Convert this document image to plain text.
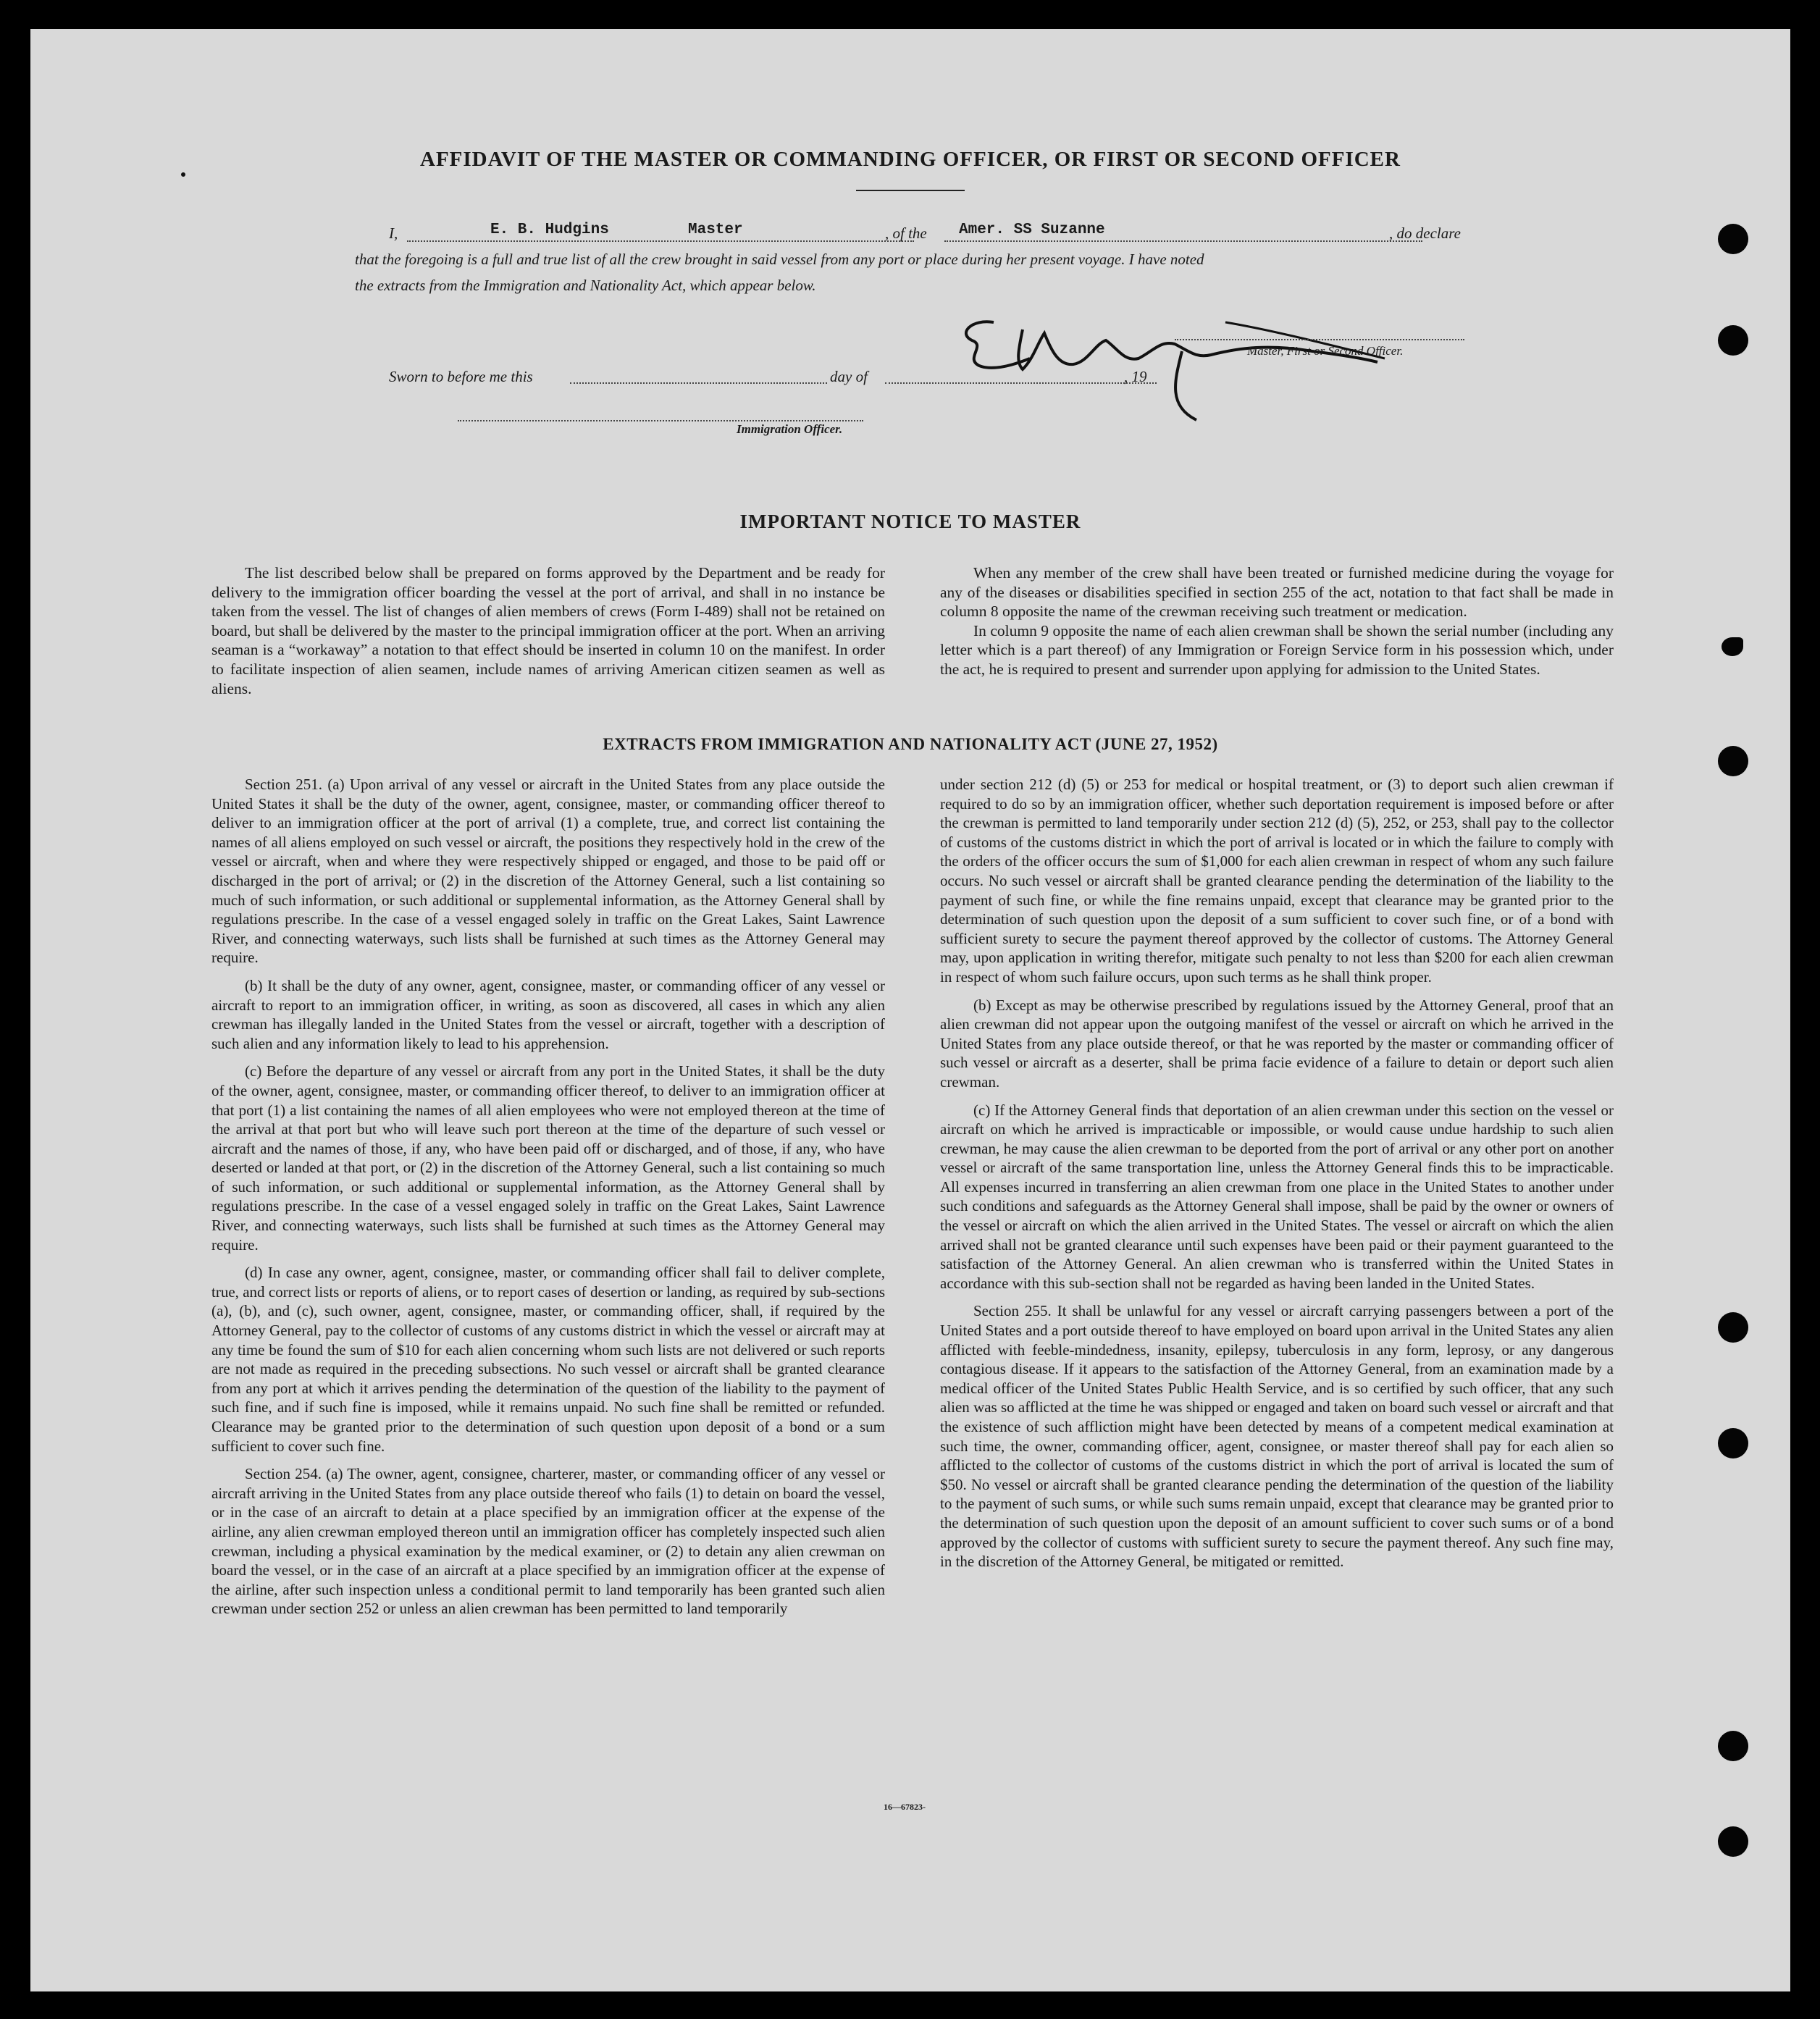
AFFIDAVIT OF THE MASTER OR COMMANDING OFFICER, OR FIRST OR SECOND OFFICER
I,	E. B. Hudgins	Master	, of the Amer. SS Suzanne	, do declare
that the foregoing is a full and true list of all the crew brought in said vessel from any port or place during her present voyage. I have noted
the extracts from the Immigration and Nationality Act, which appear below.
Master, First or Second Officer.
Sworn to before me this	day of	, 19
Immigration Officer.
IMPORTANT NOTICE TO MASTER

The list described below shall be prepared on forms approved by the Department and be ready for delivery to the immigration officer boarding the vessel at the port of arrival, and shall in no instance be taken from the vessel. The list of changes of alien members of crews (Form I-489) shall not be retained on board, but shall be delivered by the master to the principal immigration officer at the port. When an arriving seaman is a “workaway” a notation to that effect should be inserted in column 10 on the manifest. In order to facilitate inspection of alien seamen, include names of arriving American citizen seamen as well as aliens.

When any member of the crew shall have been treated or furnished medicine during the voyage for any of the diseases or disabilities specified in section 255 of the act, notation to that fact shall be made in column 8 opposite the name of the crewman receiving such treatment or medication.

In column 9 opposite the name of each alien crewman shall be shown the serial number (including any letter which is a part thereof) of any Immigration or Foreign Service form in his possession which, under the act, he is required to present and surrender upon applying for admission to the United States.

EXTRACTS FROM IMMIGRATION AND NATIONALITY ACT (JUNE 27, 1952)

Section 251. (a) Upon arrival of any vessel or aircraft in the United States from any place outside the United States it shall be the duty of the owner, agent, consignee, master, or commanding officer thereof to deliver to an immigration officer at the port of arrival (1) a complete, true, and correct list containing the names of all aliens employed on such vessel or aircraft, the positions they respectively hold in the crew of the vessel or aircraft, when and where they were respectively shipped or engaged, and those to be paid off or discharged in the port of arrival; or (2) in the discretion of the Attorney General, such a list containing so much of such information, or such additional or supplemental information, as the Attorney General shall by regulations prescribe. In the case of a vessel engaged solely in traffic on the Great Lakes, Saint Lawrence River, and connecting waterways, such lists shall be furnished at such times as the Attorney General may require.

(b) It shall be the duty of any owner, agent, consignee, master, or commanding officer of any vessel or aircraft to report to an immigration officer, in writing, as soon as discovered, all cases in which any alien crewman has illegally landed in the United States from the vessel or aircraft, together with a description of such alien and any information likely to lead to his apprehension.

(c) Before the departure of any vessel or aircraft from any port in the United States, it shall be the duty of the owner, agent, consignee, master, or commanding officer thereof, to deliver to an immigration officer at that port (1) a list containing the names of all alien employees who were not employed thereon at the time of the arrival at that port but who will leave such port thereon at the time of the departure of such vessel or aircraft and the names of those, if any, who have been paid off or discharged, and of those, if any, who have deserted or landed at that port, or (2) in the discretion of the Attorney General, such a list containing so much of such information, or such additional or supplemental information, as the Attorney General shall by regulations prescribe. In the case of a vessel engaged solely in traffic on the Great Lakes, Saint Lawrence River, and connecting waterways, such lists shall be furnished at such times as the Attorney General may require.

(d) In case any owner, agent, consignee, master, or commanding officer shall fail to deliver complete, true, and correct lists or reports of aliens, or to report cases of desertion or landing, as required by sub-sections (a), (b), and (c), such owner, agent, consignee, master, or commanding officer, shall, if required by the Attorney General, pay to the collector of customs of any customs district in which the vessel or aircraft may at any time be found the sum of $10 for each alien concerning whom such lists are not delivered or such reports are not made as required in the preceding subsections. No such vessel or aircraft shall be granted clearance from any port at which it arrives pending the determination of the question of the liability to the payment of such fine, and if such fine is imposed, while it remains unpaid. No such fine shall be remitted or refunded. Clearance may be granted prior to the determination of such question upon deposit of a bond or a sum sufficient to cover such fine.

Section 254. (a) The owner, agent, consignee, charterer, master, or commanding officer of any vessel or aircraft arriving in the United States from any place outside thereof who fails (1) to detain on board the vessel, or in the case of an aircraft to detain at a place specified by an immigration officer at the expense of the airline, any alien crewman employed thereon until an immigration officer has completely inspected such alien crewman, including a physical examination by the medical examiner, or (2) to detain any alien crewman on board the vessel, or in the case of an aircraft at a place specified by an immigration officer at the expense of the airline, after such inspection unless a conditional permit to land temporarily has been granted such alien crewman under section 252 or unless an alien crewman has been permitted to land temporarily

under section 212 (d) (5) or 253 for medical or hospital treatment, or (3) to deport such alien crewman if required to do so by an immigration officer, whether such deportation requirement is imposed before or after the crewman is permitted to land temporarily under section 212 (d) (5), 252, or 253, shall pay to the collector of customs of the customs district in which the port of arrival is located or in which the failure to comply with the orders of the officer occurs the sum of $1,000 for each alien crewman in respect of whom any such failure occurs. No such vessel or aircraft shall be granted clearance pending the determination of the liability to the payment of such fine, or while the fine remains unpaid, except that clearance may be granted prior to the determination of such question upon the deposit of a sum sufficient to cover such fine, or of a bond with sufficient surety to secure the payment thereof approved by the collector of customs. The Attorney General may, upon application in writing therefor, mitigate such penalty to not less than $200 for each alien crewman in respect of whom such failure occurs, upon such terms as he shall think proper.

(b) Except as may be otherwise prescribed by regulations issued by the Attorney General, proof that an alien crewman did not appear upon the outgoing manifest of the vessel or aircraft on which he arrived in the United States from any place outside thereof, or that he was reported by the master or commanding officer of such vessel or aircraft as a deserter, shall be prima facie evidence of a failure to detain or deport such alien crewman.

(c) If the Attorney General finds that deportation of an alien crewman under this section on the vessel or aircraft on which he arrived is impracticable or impossible, or would cause undue hardship to such alien crewman, he may cause the alien crewman to be deported from the port of arrival or any other port on another vessel or aircraft of the same transportation line, unless the Attorney General finds this to be impracticable. All expenses incurred in transferring an alien crewman from one place in the United States to another under such conditions and safeguards as the Attorney General shall impose, shall be paid by the owner or owners of the vessel or aircraft on which the alien arrived in the United States. The vessel or aircraft on which the alien arrived shall not be granted clearance until such expenses have been paid or their payment guaranteed to the satisfaction of the Attorney General. An alien crewman who is transferred within the United States in accordance with this sub-section shall not be regarded as having been landed in the United States.

Section 255. It shall be unlawful for any vessel or aircraft carrying passengers between a port of the United States and a port outside thereof to have employed on board upon arrival in the United States any alien afflicted with feeble-mindedness, insanity, epilepsy, tuberculosis in any form, leprosy, or any dangerous contagious disease. If it appears to the satisfaction of the Attorney General, from an examination made by a medical officer of the United States Public Health Service, and is so certified by such officer, that any such alien was so afflicted at the time he was shipped or engaged and taken on board such vessel or aircraft and that the existence of such affliction might have been detected by means of a competent medical examination at such time, the owner, commanding officer, agent, consignee, or master thereof shall pay for each alien so afflicted to the collector of customs of the customs district in which the port of arrival is located the sum of $50. No vessel or aircraft shall be granted clearance pending the determination of the question of the liability to the payment of such sums, or while such sums remain unpaid, except that clearance may be granted prior to the determination of such question upon the deposit of an amount sufficient to cover such sums or of a bond approved by the collector of customs with sufficient surety to secure the payment thereof. Any such fine may, in the discretion of the Attorney General, be mitigated or remitted.

16—67823-
